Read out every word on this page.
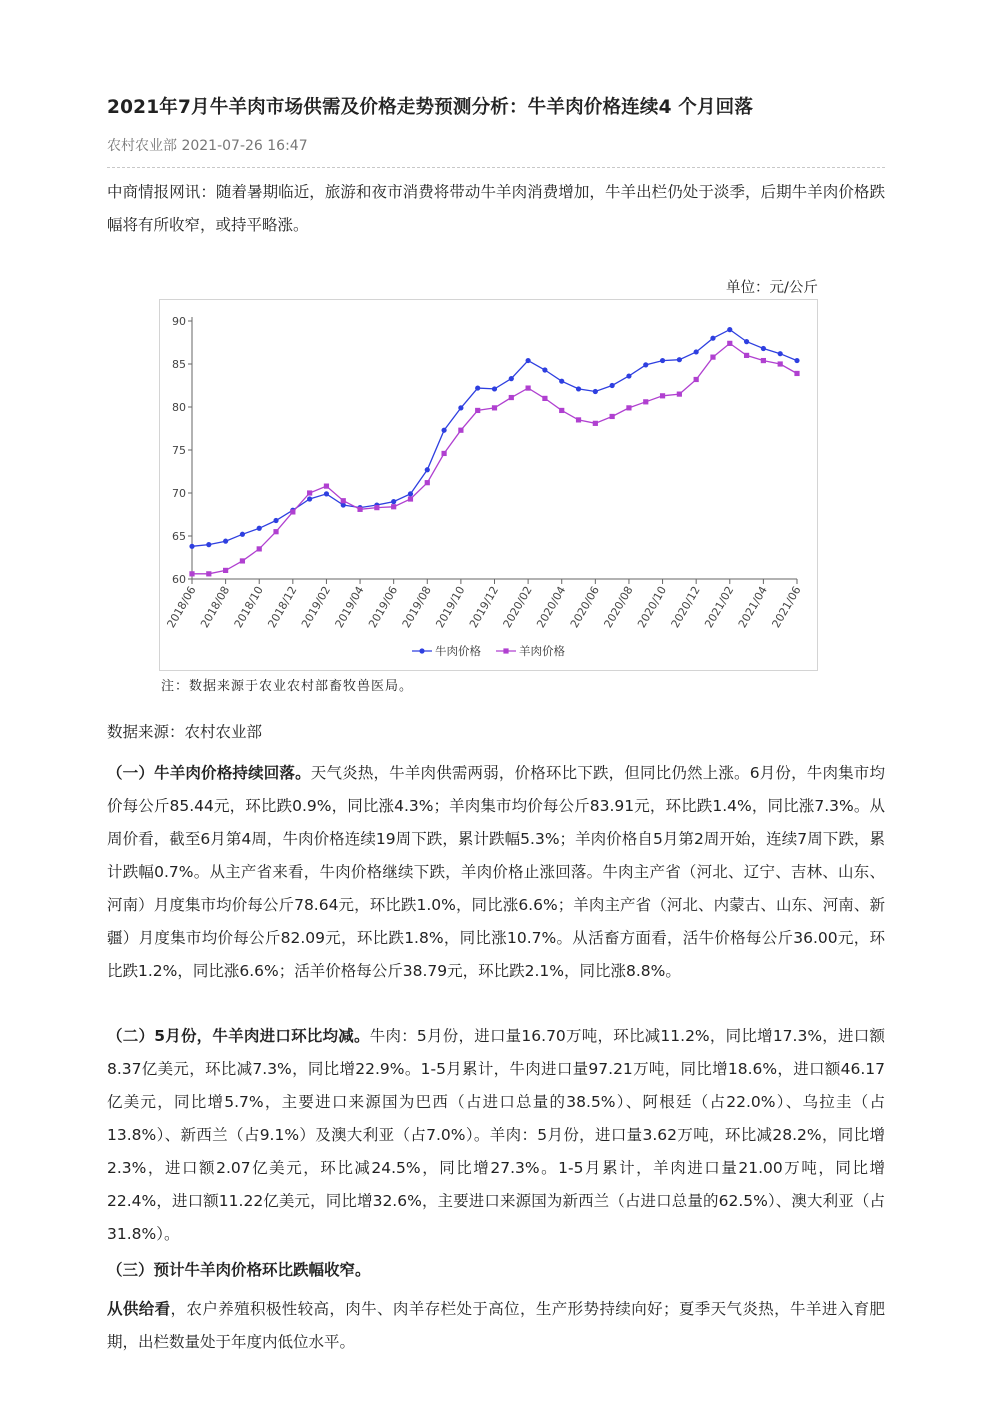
2021年7月牛羊肉市场供需及价格走势预测分析：牛羊肉价格连续4 个月回落
农村农业部 2021-07-26 16:47
中商情报网讯：随着暑期临近，旅游和夜市消费将带动牛羊肉消费增加，牛羊出栏仍处于淡季，后期牛羊肉价格跌幅将有所收窄，或持平略涨。
单位：元/公斤
60
65
70
75
80
85
90
2018/06 2018/08 2018/10 2018/12 2019/02 2019/04 2019/06 2019/08 2019/10 2019/12 2020/02 2020/04 2020/06 2020/08 2020/10 2020/12 2021/02 2021/04 2021/06
牛肉价格	羊肉价格
注：数据来源于农业农村部畜牧兽医局。
数据来源：农村农业部
（一）牛羊肉价格持续回落。天气炎热，牛羊肉供需两弱，价格环比下跌，但同比仍然上涨。6月份，牛肉集市均价每公斤85.44元，环比跌0.9%，同比涨4.3%；羊肉集市均价每公斤83.91元，环比跌1.4%，同比涨7.3%。从周价看，截至6月第4周，牛肉价格连续19周下跌，累计跌幅5.3%；羊肉价格自5月第2周开始，连续7周下跌，累计跌幅0.7%。从主产省来看，牛肉价格继续下跌，羊肉价格止涨回落。牛肉主产省（河北、辽宁、吉林、山东、河南）月度集市均价每公斤78.64元，环比跌1.0%，同比涨6.6%；羊肉主产省（河北、内蒙古、山东、河南、新疆）月度集市均价每公斤82.09元，环比跌1.8%，同比涨10.7%。从活畜方面看，活牛价格每公斤36.00元，环比跌1.2%，同比涨6.6%；活羊价格每公斤38.79元，环比跌2.1%，同比涨8.8%。
（二）5月份，牛羊肉进口环比均减。牛肉：5月份，进口量16.70万吨，环比减11.2%，同比增17.3%，进口额8.37亿美元，环比减7.3%，同比增22.9%。1-5月累计，牛肉进口量97.21万吨，同比增18.6%，进口额46.17亿美元，同比增5.7%，主要进口来源国为巴西（占进口总量的38.5%）、阿根廷（占22.0%）、乌拉圭（占13.8%）、新西兰（占9.1%）及澳大利亚（占7.0%）。羊肉：5月份，进口量3.62万吨，环比减28.2%，同比增2.3%，进口额2.07亿美元，环比减24.5%，同比增27.3%。1-5月累计，羊肉进口量21.00万吨，同比增22.4%，进口额11.22亿美元，同比增32.6%，主要进口来源国为新西兰（占进口总量的62.5%）、澳大利亚（占31.8%）。
（三）预计牛羊肉价格环比跌幅收窄。
从供给看，农户养殖积极性较高，肉牛、肉羊存栏处于高位，生产形势持续向好；夏季天气炎热，牛羊进入育肥期，出栏数量处于年度内低位水平。
